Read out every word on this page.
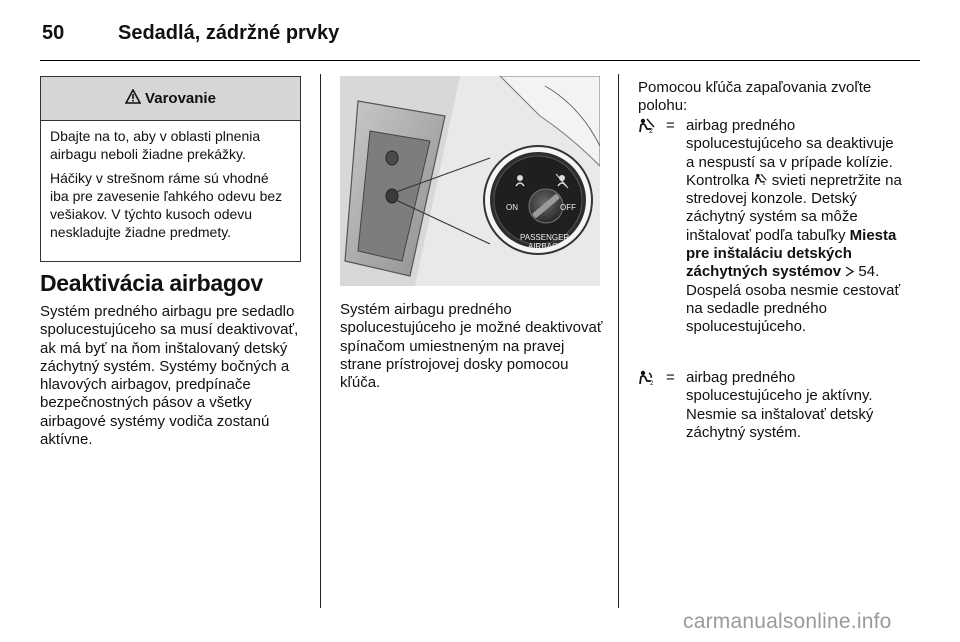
50	Sedadlá, zádržné prvky
Varovanie

Dbajte na to, aby v oblasti plnenia airbagu neboli žiadne prekážky.

Háčiky v strešnom ráme sú vhodné iba pre zavesenie ľahkého odevu bez vešiakov. V týchto kusoch odevu neskladujte žiadne predmety.

Deaktivácia airbagov
Systém predného airbagu pre sedadlo spolucestujúceho sa musí deaktivovať, ak má byť na ňom inštalovaný detský záchytný systém. Systémy bočných a hlavových airbagov, predpínače bezpečnostných pásov a všetky airbagové systémy vodiča zostanú aktívne.
ON	OFF
PASSENGER
AIRBAG
Systém airbagu predného spolucestujúceho je možné deaktivovať spínačom umiestneným na pravej strane prístrojovej dosky pomocou kľúča.
Pomocou kľúča zapaľovania zvoľte polohu:
2 = airbag predného spolucestujúceho sa deaktivuje a nespustí sa v prípade kolízie. Kontrolka 2 svieti nepretržite na stredovej konzole. Detský záchytný systém sa môže inštalovať podľa tabuľky Miesta pre inštaláciu detských záchytných systémov 54. Dospelá osoba nesmie cestovať na sedadle predného spolucestujúceho.
2 = airbag predného spolucestujúceho je aktívny. Nesmie sa inštalovať detský záchytný systém.
carmanualsonline.info
